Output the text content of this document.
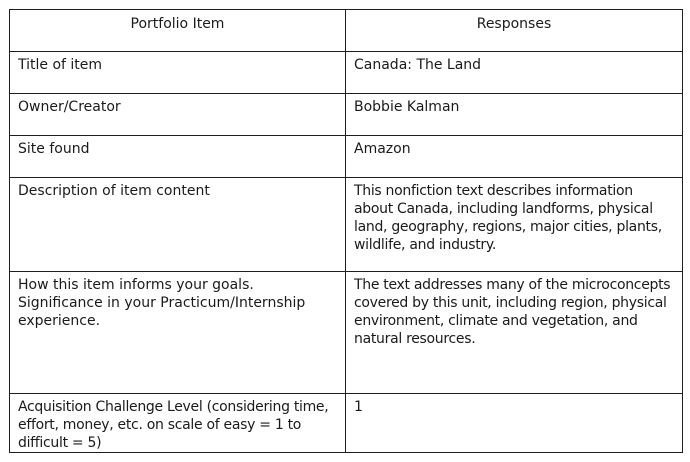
Portfolio Item	Responses

Title of item	Canada: The Land

Owner/Creator	Bobbie Kalman

Site found	Amazon

Description of item content	This nonfiction text describes information about Canada, including landforms, physical land, geography, regions, major cities, plants, wildlife, and industry.

How this item informs your goals. Significance in your Practicum/Internship experience.	The text addresses many of the microconcepts covered by this unit, including region, physical environment, climate and vegetation, and natural resources.

Acquisition Challenge Level (considering time, effort, money, etc. on scale of easy = 1 to difficult = 5)	1
